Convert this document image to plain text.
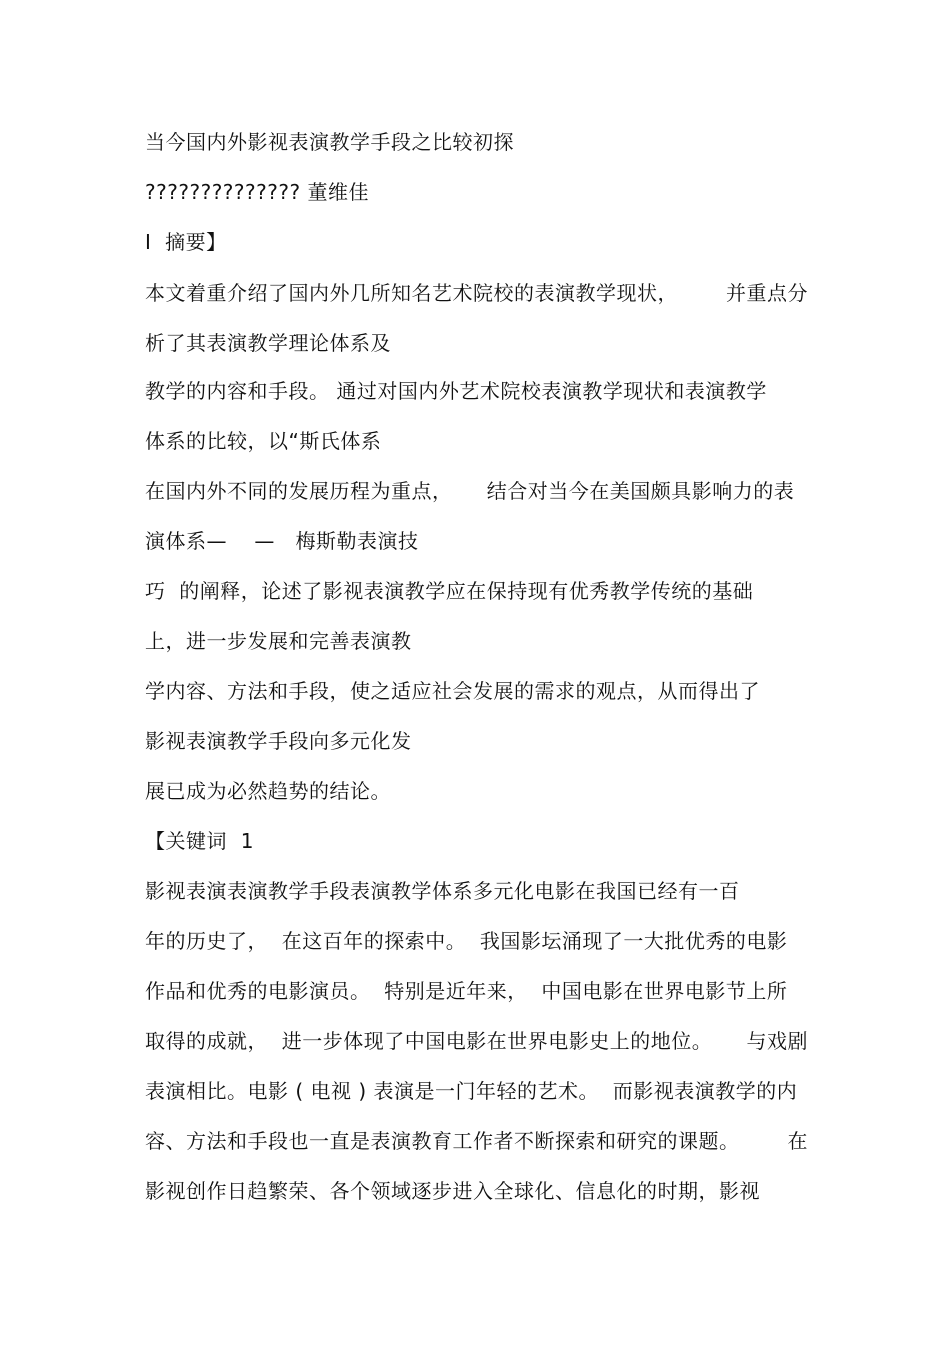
当今国内外影视表演教学手段之比较初探
?????????????? 董维佳
I  摘要】
本文着重介绍了国内外几所知名艺术院校的表演教学现状，       并重点分
析了其表演教学理论体系及
教学的内容和手段。 通过对国内外艺术院校表演教学现状和表演教学
体系的比较，以“斯氏体系
在国内外不同的发展历程为重点，     结合对当今在美国颇具影响力的表
演体系—    —   梅斯勒表演技
巧  的阐释，论述了影视表演教学应在保持现有优秀教学传统的基础
上，进一步发展和完善表演教
学内容、方法和手段，使之适应社会发展的需求的观点，从而得出了
影视表演教学手段向多元化发
展已成为必然趋势的结论。
【关键词  1
影视表演表演教学手段表演教学体系多元化电影在我国已经有一百
年的历史了，  在这百年的探索中。  我国影坛涌现了一大批优秀的电影
作品和优秀的电影演员。  特别是近年来，  中国电影在世界电影节上所
取得的成就，  进一步体现了中国电影在世界电影史上的地位。     与戏剧
表演相比。电影 ( 电视 ) 表演是一门年轻的艺术。  而影视表演教学的内
容、方法和手段也一直是表演教育工作者不断探索和研究的课题。       在
影视创作日趋繁荣、各个领域逐步进入全球化、信息化的时期，影视
